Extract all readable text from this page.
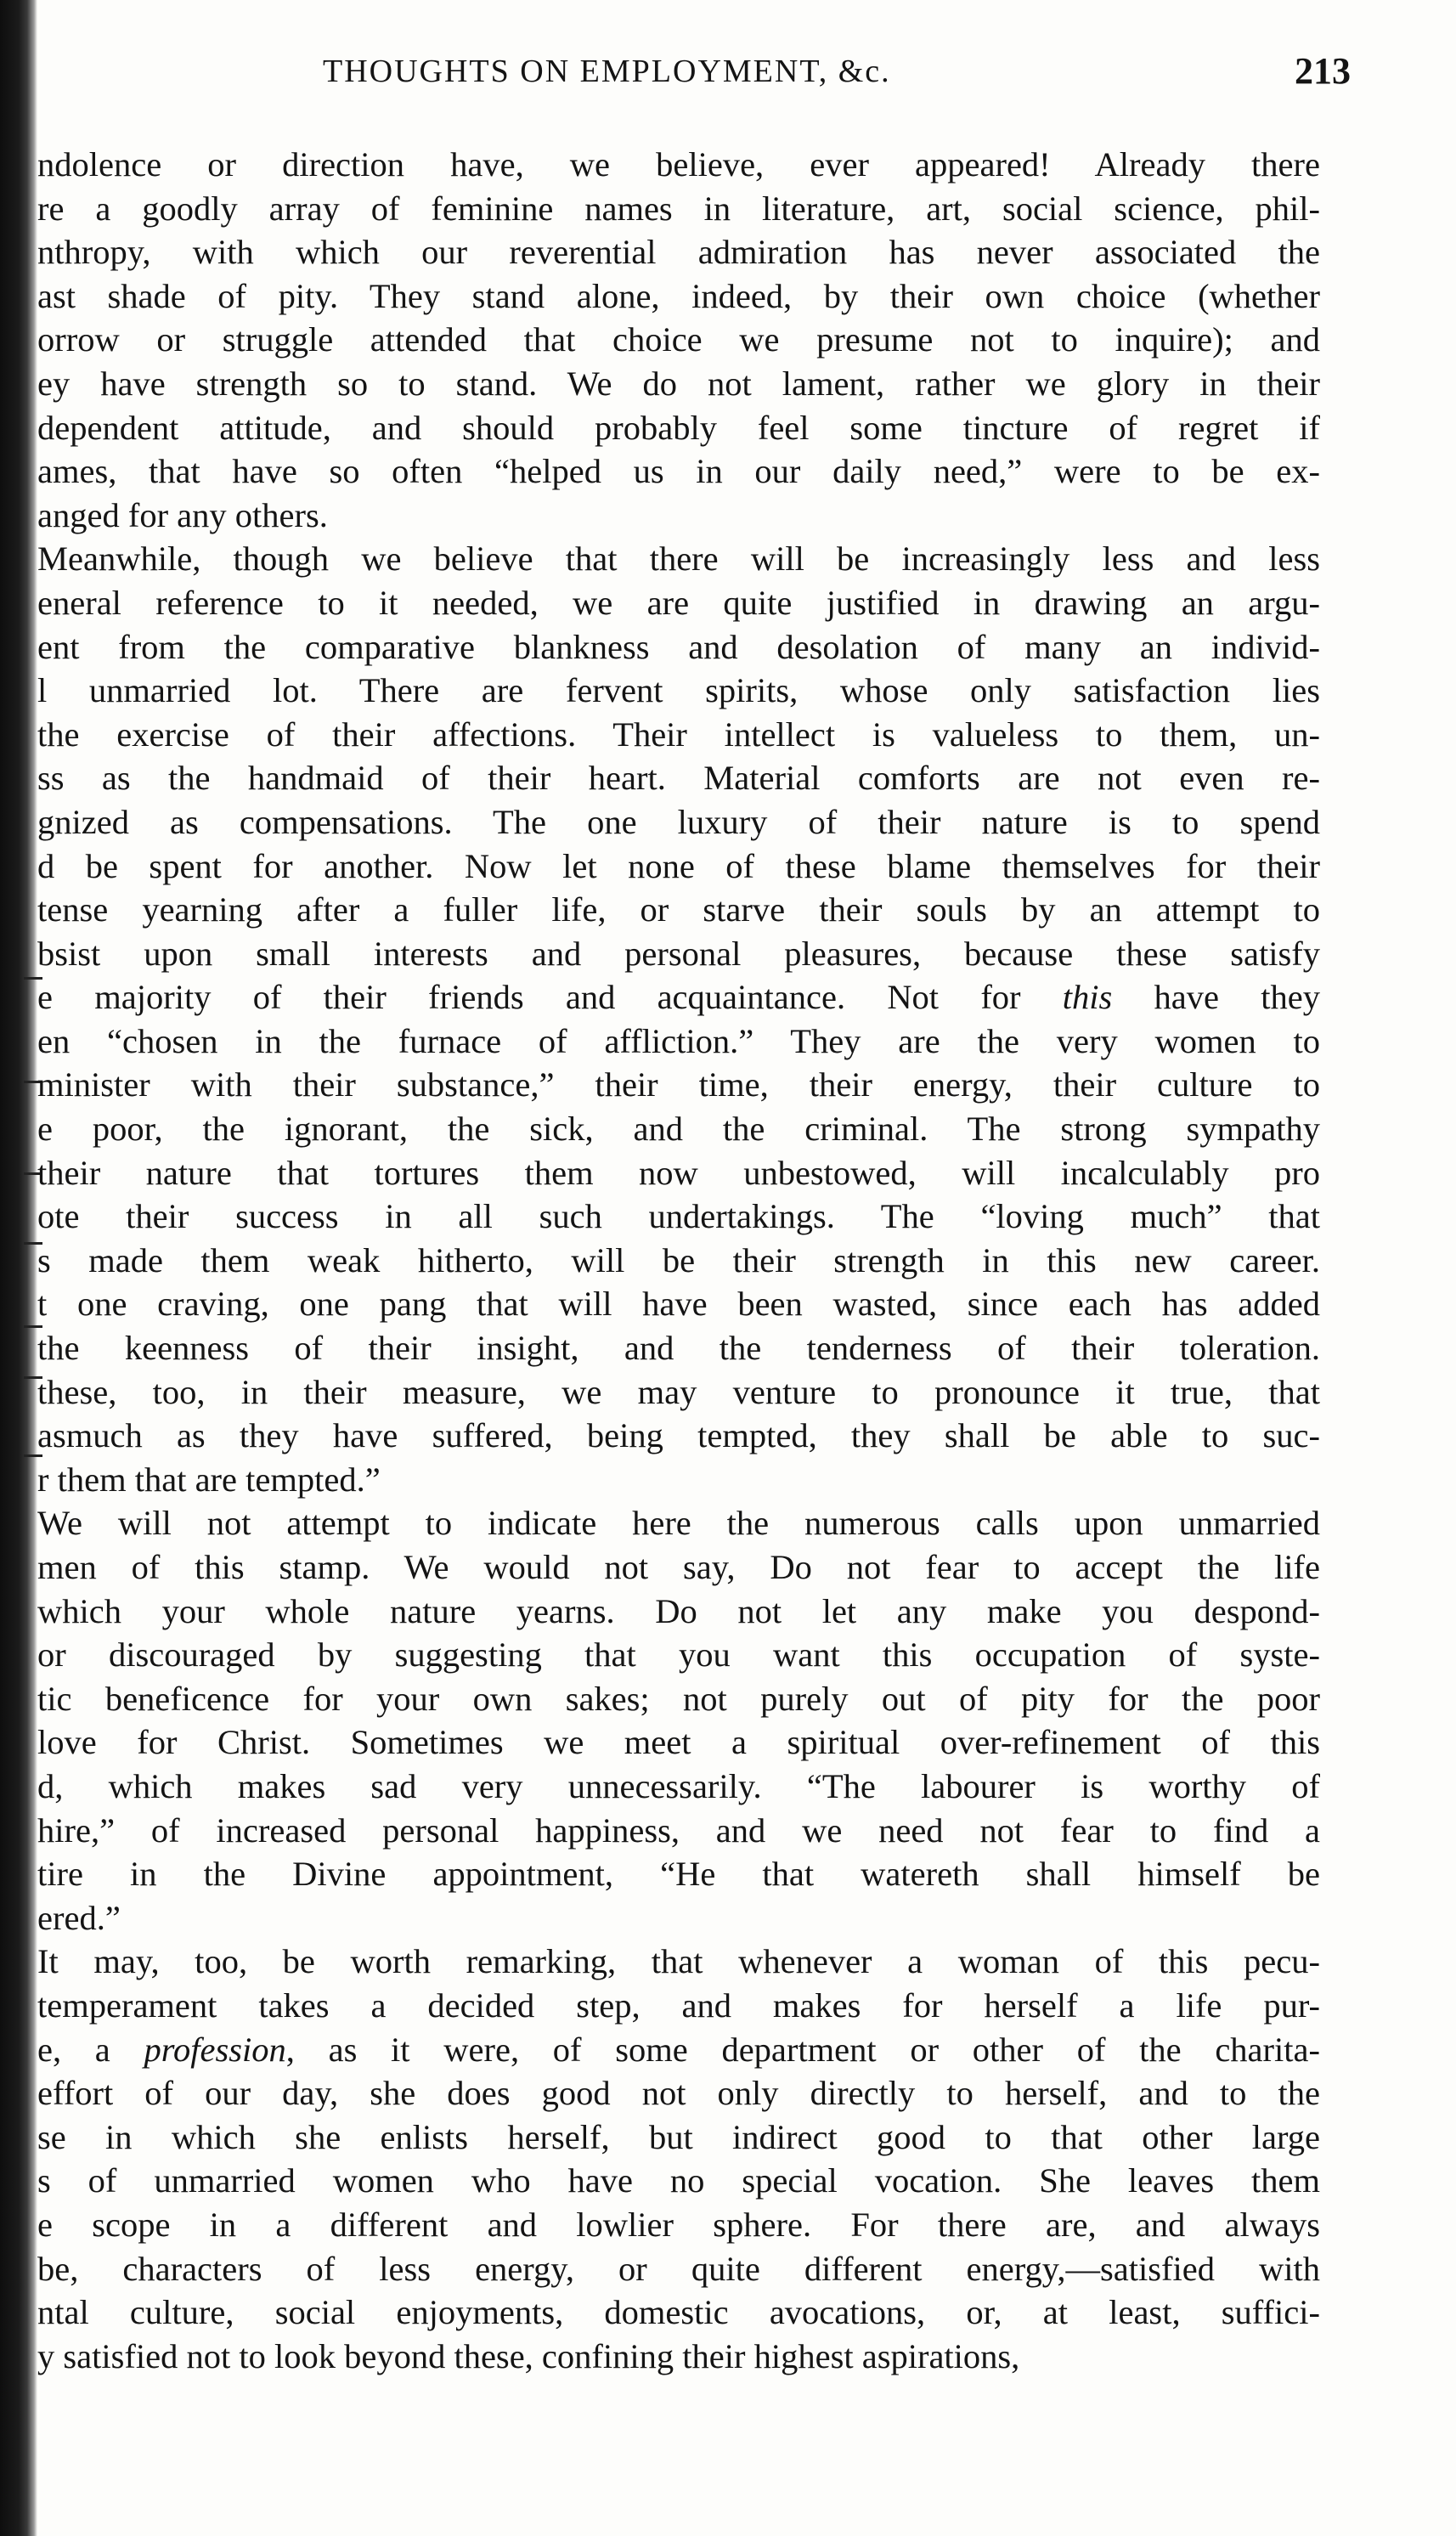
THOUGHTS ON EMPLOYMENT, &c.	213
ndolence or direction have, we believe, ever appeared! Already there
re a goodly array of feminine names in literature, art, social science, phil-
nthropy, with which our reverential admiration has never associated the
ast shade of pity. They stand alone, indeed, by their own choice (whether
orrow or struggle attended that choice we presume not to inquire); and
ey have strength so to stand. We do not lament, rather we glory in their
dependent attitude, and should probably feel some tincture of regret if
ames, that have so often “helped us in our daily need,” were to be ex-
anged for any others.
Meanwhile, though we believe that there will be increasingly less and less
eneral reference to it needed, we are quite justified in drawing an argu-
ent from the comparative blankness and desolation of many an individ-
l unmarried lot. There are fervent spirits, whose only satisfaction lies
the exercise of their affections. Their intellect is valueless to them, un-
ss as the handmaid of their heart. Material comforts are not even re-
gnized as compensations. The one luxury of their nature is to spend
d be spent for another. Now let none of these blame themselves for their
tense yearning after a fuller life, or starve their souls by an attempt to
bsist upon small interests and personal pleasures, because these satisfy
e majority of their friends and acquaintance. Not for this have they
en “chosen in the furnace of affliction.” They are the very women to
minister with their substance,” their time, their energy, their culture to
e poor, the ignorant, the sick, and the criminal. The strong sympathy
their nature that tortures them now unbestowed, will incalculably pro
ote their success in all such undertakings. The “loving much” that
s made them weak hitherto, will be their strength in this new career.
t one craving, one pang that will have been wasted, since each has added
the keenness of their insight, and the tenderness of their toleration.
these, too, in their measure, we may venture to pronounce it true, that
asmuch as they have suffered, being tempted, they shall be able to suc-
r them that are tempted.”
We will not attempt to indicate here the numerous calls upon unmarried
men of this stamp. We would not say, Do not fear to accept the life
which your whole nature yearns. Do not let any make you despond-
or discouraged by suggesting that you want this occupation of syste-
tic beneficence for your own sakes; not purely out of pity for the poor
love for Christ. Sometimes we meet a spiritual over-refinement of this
d, which makes sad very unnecessarily. “The labourer is worthy of
hire,” of increased personal happiness, and we need not fear to find a
tire in the Divine appointment, “He that watereth shall himself be
ered.”
It may, too, be worth remarking, that whenever a woman of this pecu-
temperament takes a decided step, and makes for herself a life pur-
e, a profession, as it were, of some department or other of the charita-
effort of our day, she does good not only directly to herself, and to the
se in which she enlists herself, but indirect good to that other large
s of unmarried women who have no special vocation. She leaves them
e scope in a different and lowlier sphere. For there are, and always
be, characters of less energy, or quite different energy,—satisfied with
ntal culture, social enjoyments, domestic avocations, or, at least, suffici-
y satisfied not to look beyond these, confining their highest aspirations,
